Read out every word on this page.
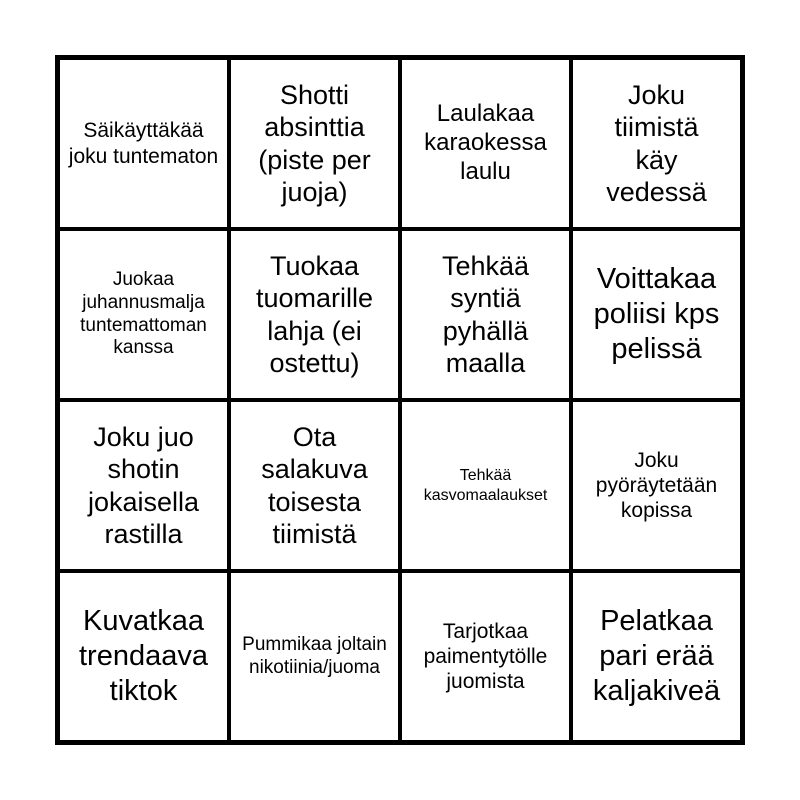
Säikäyttäkää joku tuntematon
Shotti absinttia (piste per juoja)
Laulakaa karaokessa laulu
Joku tiimistä käy vedessä
Juokaa juhannusmalja tuntemattoman kanssa
Tuokaa tuomarille lahja (ei ostettu)
Tehkää syntiä pyhällä maalla
Voittakaa poliisi kps pelissä
Joku juo shotin jokaisella rastilla
Ota salakuva toisesta tiimistä
Tehkää kasvomaalaukset
Joku pyöräytetään kopissa
Kuvatkaa trendaava tiktok
Pummikaa joltain nikotiinia/juoma
Tarjotkaa paimentytölle juomista
Pelatkaa pari erää kaljakiveä
